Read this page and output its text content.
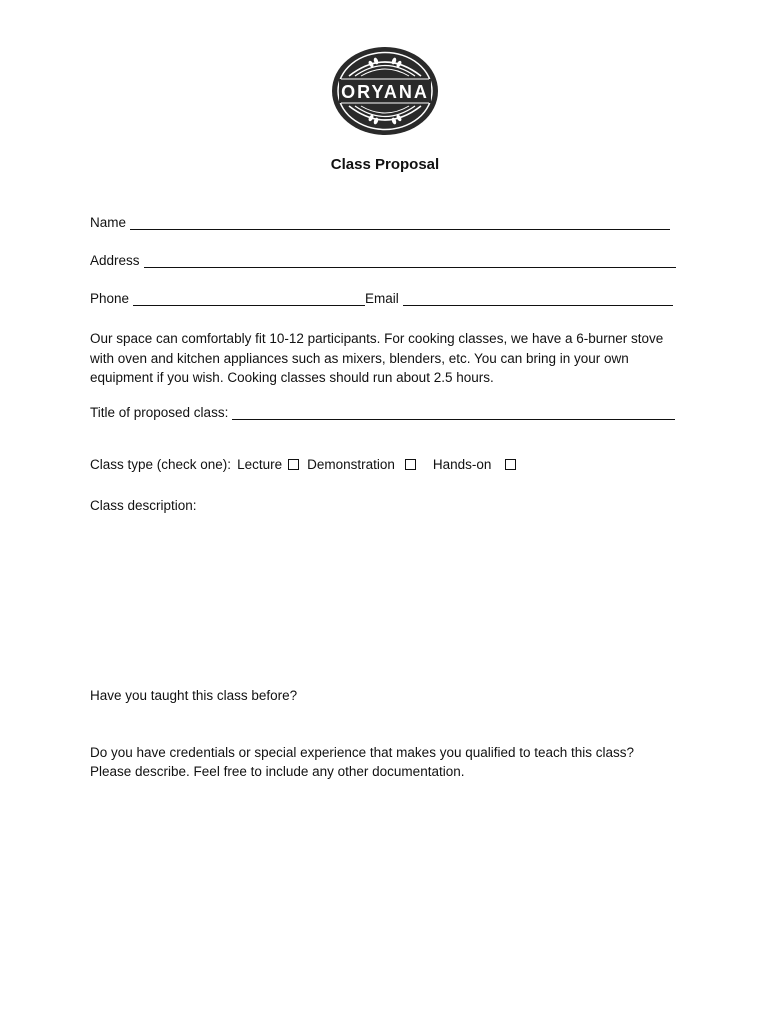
ORYANA
Class Proposal
Name
Address
Phone	Email
Our space can comfortably fit 10-12 participants. For cooking classes, we have a 6-burner stove with oven and kitchen appliances such as mixers, blenders, etc. You can bring in your own equipment if you wish. Cooking classes should run about 2.5 hours.
Title of proposed class:
Class type (check one): Lecture Demonstration	Hands-on
Class description:
Have you taught this class before?
Do you have credentials or special experience that makes you qualified to teach this class?
Please describe. Feel free to include any other documentation.
